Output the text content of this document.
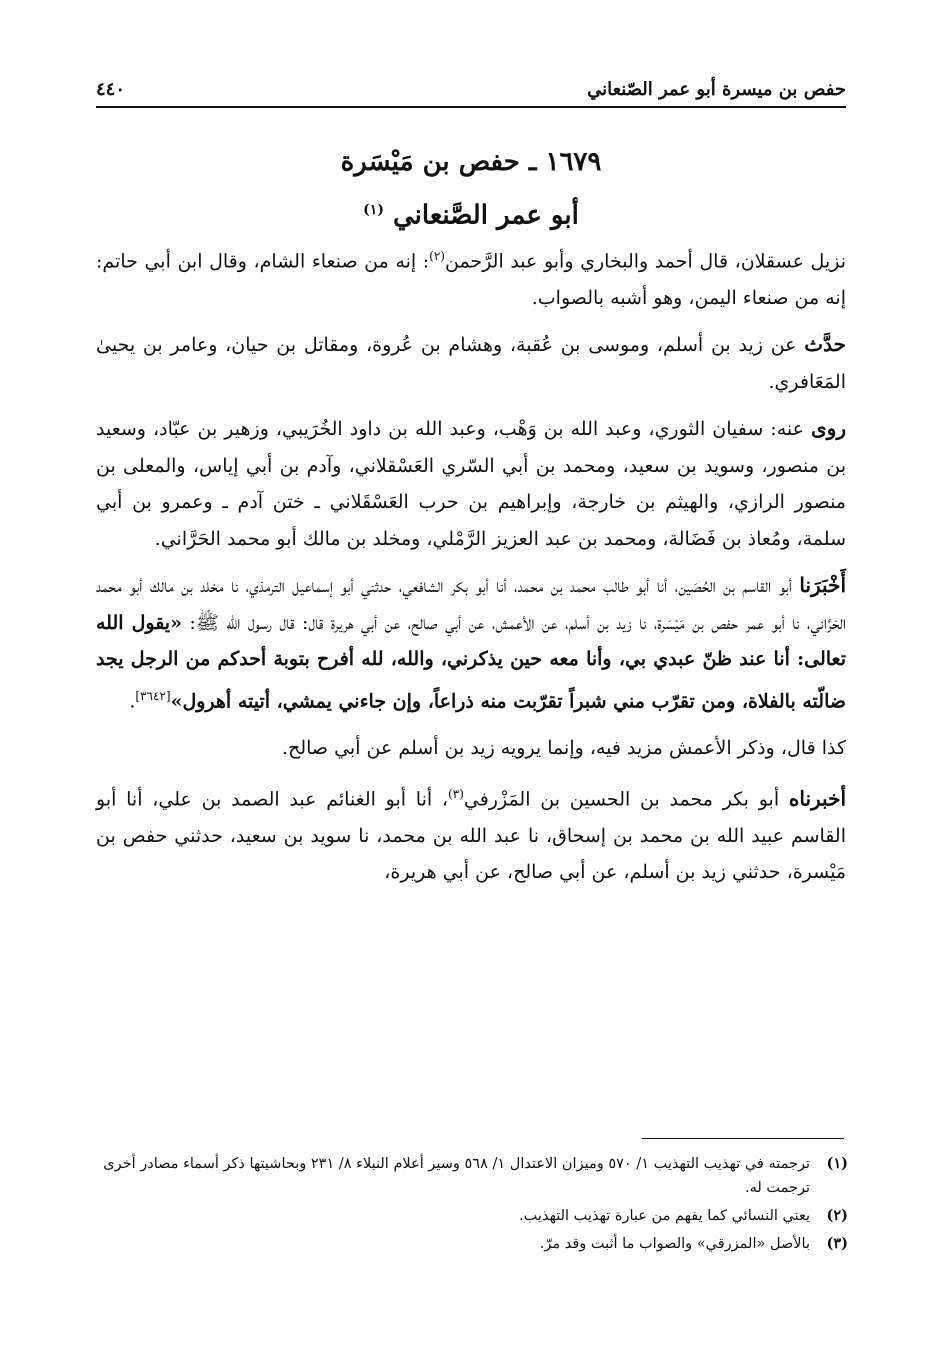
حفص بن ميسرة أبو عمر الصّنعاني
٤٤٠
١٦٧٩ ـ حفص بن مَيْسَرة
أبو عمر الصَّنعاني $^{(١)}$

نزيل عسقلان، قال أحمد والبخاري وأبو عبد الرَّحمن$^{(٢)}$: إنه من صنعاء الشام، وقال ابن أبي حاتم: إنه من صنعاء اليمن، وهو أشبه بالصواب.

حدَّث عن زيد بن أسلم، وموسى بن عُقبة، وهشام بن عُروة، ومقاتل بن حيان، وعامر بن يحيىٰ المَعَافري.

روى عنه: سفيان الثوري، وعبد الله بن وَهْب، وعبد الله بن داود الخُرَيبي، وزهير بن عبّاد، وسعيد بن منصور، وسويد بن سعيد، ومحمد بن أبي السّري العَسْقلاني، وآدم بن أبي إياس، والمعلى بن منصور الرازي، والهيثم بن خارجة، وإبراهيم بن حرب العَسْقَلاني ـ ختن آدم ـ وعمرو بن أبي سلمة، ومُعاذ بن فَضَالة، ومحمد بن عبد العزيز الرَّمْلي، ومخلد بن مالك أبو محمد الحَرَّاني.

أَخْبَرَنا أبو القاسم بن الحُصَين، أنا أبو طالب محمد بن محمد، أنا أبو بكر الشافعي، حدثني أبو إسماعيل الترمذي، نا مخلد بن مالك أبو محمد الحَرَّاني، نا أبو عمر حفص بن مَيْسَرة، نا زيد بن أسلم، عن الأعمش، عن أبي صالح، عن أبي هريرة قال: قال رسول الله ﷺ: «يقول الله تعالى: أنا عند ظنّ عبدي بي، وأنا معه حين يذكرني، والله، لله أفرح بتوبة أحدكم من الرجل يجد ضالّته بالفلاة، ومن تقرّب مني شبراً تقرّبت منه ذراعاً، وإن جاءني يمشي، أتيته أهرول»[٣٦٤٢].

كذا قال، وذكر الأعمش مزيد فيه، وإنما يرويه زيد بن أسلم عن أبي صالح.

أخبرناه أبو بكر محمد بن الحسين بن المَزْرفي$^{(٣)}$، أنا أبو الغنائم عبد الصمد بن علي، أنا أبو القاسم عبيد الله بن محمد بن إسحاق، نا عبد الله بن محمد، نا سويد بن سعيد، حدثني حفص بن مَيْسرة، حدثني زيد بن أسلم، عن أبي صالح، عن أبي هريرة،

(١)
ترجمته في تهذيب التهذيب ١/ ٥٧٠ وميزان الاعتدال ١/ ٥٦٨ وسير أعلام النبلاء ٨/ ٢٣١ وبحاشيتها ذكر أسماء مصادر أخرى ترجمت له.
(٢)
يعني النسائي كما يفهم من عبارة تهذيب التهذيب.
(٣)
بالأصل «المزرقي» والصواب ما أثبت وقد مرّ.
